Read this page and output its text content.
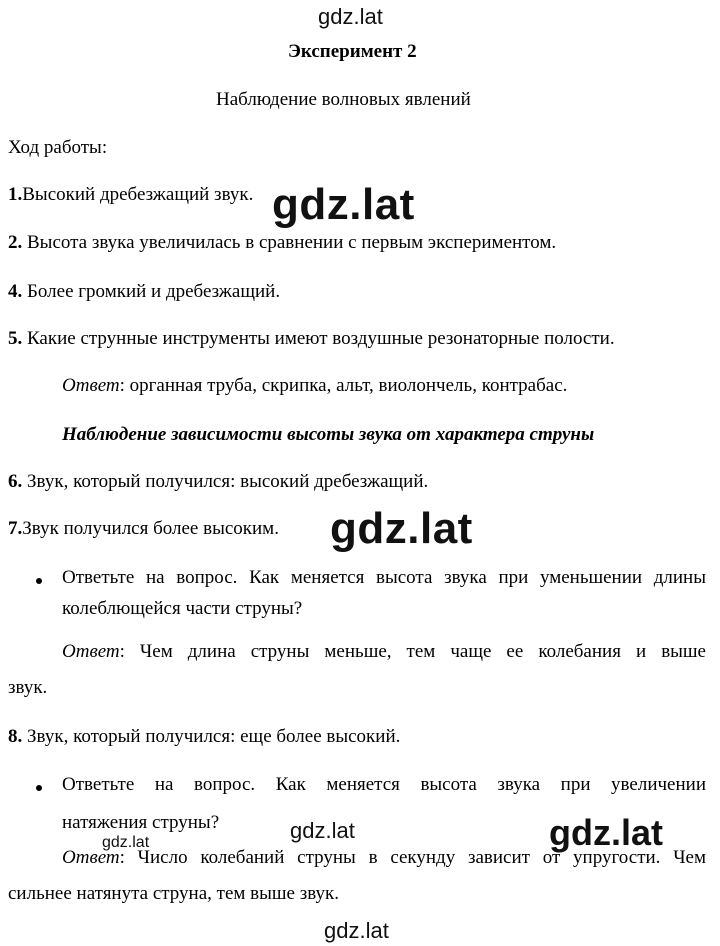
gdz.lat
gdz.lat
gdz.lat
gdz.lat	gdz.lat	gdz.lat
gdz.lat
Эксперимент 2
Наблюдение волновых явлений
Ход работы:
1.Высокий дребезжащий звук.
2. Высота звука увеличилась в сравнении с первым экспериментом.
4. Более громкий и дребезжащий.
5. Какие струнные инструменты имеют воздушные резонаторные полости.
Ответ: органная труба, скрипка, альт, виолончель, контрабас.
Наблюдение зависимости высоты звука от характера струны
6. Звук, который получился: высокий дребезжащий.
7.Звук получился более высоким.
Ответьте на вопрос. Как меняется высота звука при уменьшении длины
колеблющейся части струны?
Ответ: Чем длина струны меньше, тем чаще ее колебания и выше
звук.
8. Звук, который получился: еще более высокий.
Ответьте на вопрос. Как меняется высота звука при увеличении
натяжения струны?
Ответ: Число колебаний струны в секунду зависит от упругости. Чем
сильнее натянута струна, тем выше звук.
